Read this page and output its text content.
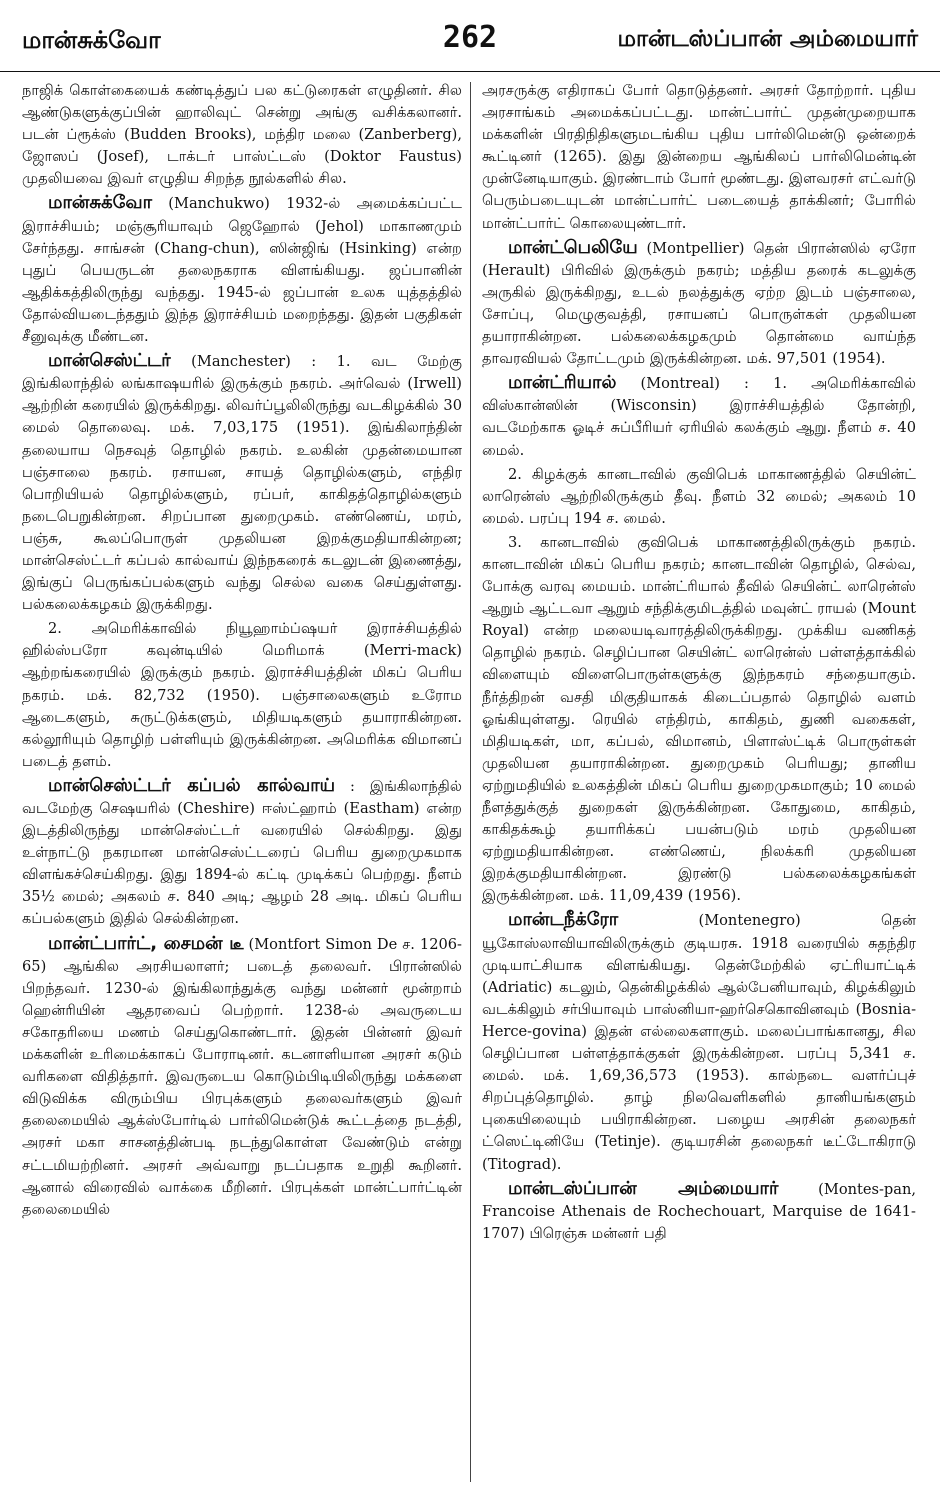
மான்சுக்வோ	262	மான்டஸ்ப்பான் அம்மையார்

நாஜிக் கொள்கையைக் கண்டித்துப் பல கட்டுரைகள் எழுதினர். சில ஆண்டுகளுக்குப்பின் ஹாலிவுட் சென்று அங்கு வசிக்கலானர். படன் ப்ரூக்ஸ் (Budden Brooks), மந்திர மலை (Zanberberg), ஜோஸப் (Josef), டாக்டர் பாஸ்ட்டஸ் (Doktor Faustus) முதலியவை இவர் எழுதிய சிறந்த நூல்களில் சில.

மான்சுக்வோ (Manchukwo) 1932-ல் அமைக்கப்பட்ட இராச்சியம்; மஞ்சூரியாவும் ஜெஹோல் (Jehol) மாகாணமும் சேர்ந்தது. சாங்சன் (Chang-chun), ஸின்ஜிங் (Hsinking) என்ற புதுப் பெயருடன் தலைநகராக விளங்கியது. ஜப்பானின் ஆதிக்கத்திலிருந்து வந்தது. 1945-ல் ஜப்பான் உலக யுத்தத்தில் தோல்வியடைந்ததும் இந்த இராச்சியம் மறைந்தது. இதன் பகுதிகள் சீனுவுக்கு மீண்டன.

மான்செஸ்ட்டர் (Manchester) : 1. வட மேற்கு இங்கிலாந்தில் லங்காஷயரில் இருக்கும் நகரம். அர்வெல் (Irwell) ஆற்றின் கரையில் இருக்கிறது. லிவர்ப்பூலிலிருந்து வடகிழக்கில் 30 மைல் தொலைவு. மக். 7,03,175 (1951). இங்கிலாந்தின் தலையாய நெசவுத் தொழில் நகரம். உலகின் முதன்மையான பஞ்சாலை நகரம். ரசாயன, சாயத் தொழில்களும், எந்திர பொறியியல் தொழில்களும், ரப்பர், காகிதத்தொழில்களும் நடைபெறுகின்றன. சிறப்பான துறைமுகம். எண்ணெய், மரம், பஞ்சு, கூலப்பொருள் முதலியன இறக்குமதியாகின்றன; மான்செஸ்ட்டர் கப்பல் கால்வாய் இந்நகரைக் கடலுடன் இணைத்து, இங்குப் பெருங்கப்பல்களும் வந்து செல்ல வகை செய்துள்ளது. பல்கலைக்கழகம் இருக்கிறது.

2. அமெரிக்காவில் நியூஹாம்ப்ஷயர் இராச்சியத்தில் ஹில்ஸ்பரோ கவுன்டியில் மெரிமாக் (Merri-mack) ஆற்றங்கரையில் இருக்கும் நகரம். இராச்சியத்தின் மிகப் பெரிய நகரம். மக். 82,732 (1950). பஞ்சாலைகளும் உரோம ஆடைகளும், சுருட்டுக்களும், மிதியடிகளும் தயாராகின்றன. கல்லூரியும் தொழிற் பள்ளியும் இருக்கின்றன. அமெரிக்க விமானப் படைத் தளம்.

மான்செஸ்ட்டர் கப்பல் கால்வாய் : இங்கிலாந்தில் வடமேற்கு செஷயரில் (Cheshire) ஈஸ்ட்ஹாம் (Eastham) என்ற இடத்திலிருந்து மான்செஸ்ட்டர் வரையில் செல்கிறது. இது உள்நாட்டு நகரமான மான்செஸ்ட்டரைப் பெரிய துறைமுகமாக விளங்கச்செய்கிறது. இது 1894-ல் கட்டி முடிக்கப் பெற்றது. நீளம் 35½ மைல்; அகலம் ச. 840 அடி; ஆழம் 28 அடி. மிகப் பெரிய கப்பல்களும் இதில் செல்கின்றன.

மான்ட்பார்ட், சைமன் டீ (Montfort Simon De ச. 1206-65) ஆங்கில அரசியலாளர்; படைத் தலைவர். பிரான்ஸில் பிறந்தவர். 1230-ல் இங்கிலாந்துக்கு வந்து மன்னர் மூன்றாம் ஹென்ரியின் ஆதரவைப் பெற்றார். 1238-ல் அவருடைய சகோதரியை மணம் செய்துகொண்டார். இதன் பின்னர் இவர் மக்களின் உரிமைக்காகப் போராடினர். கடனாளியான அரசர் கடும் வரிகளை விதித்தார். இவருடைய கொடும்பிடியிலிருந்து மக்களை விடுவிக்க விரும்பிய பிரபுக்களும் தலைவர்களும் இவர் தலைமையில் ஆக்ஸ்போர்டில் பார்லிமென்டுக் கூட்டத்தை நடத்தி, அரசர் மகா சாசனத்தின்படி நடந்துகொள்ள வேண்டும் என்று சட்டமியற்றினர். அரசர் அவ்வாறு நடப்பதாக உறுதி கூறினர். ஆனால் விரைவில் வாக்கை மீறினர். பிரபுக்கள் மான்ட்பார்ட்டின் தலைமையில்

அரசருக்கு எதிராகப் போர் தொடுத்தனர். அரசர் தோற்றார். புதிய அரசாங்கம் அமைக்கப்பட்டது. மான்ட்பார்ட் முதன்முறையாக மக்களின் பிரதிநிதிகளுமடங்கிய புதிய பார்லிமென்டு ஒன்றைக் கூட்டினர் (1265). இது இன்றைய ஆங்கிலப் பார்லிமென்டின் முன்னேடியாகும். இரண்டாம் போர் மூண்டது. இளவரசர் எட்வர்டு பெரும்படையுடன் மான்ட்பார்ட் படையைத் தாக்கினர்; போரில் மான்ட்பார்ட் கொலையுண்டார்.

மான்ட்பெலியே (Montpellier) தென் பிரான்ஸில் ஏரோ (Herault) பிரிவில் இருக்கும் நகரம்; மத்திய தரைக் கடலுக்கு அருகில் இருக்கிறது, உடல் நலத்துக்கு ஏற்ற இடம் பஞ்சாலை, சோப்பு, மெழுகுவத்தி, ரசாயனப் பொருள்கள் முதலியன தயாராகின்றன. பல்கலைக்கழகமும் தொன்மை வாய்ந்த தாவரவியல் தோட்டமும் இருக்கின்றன. மக். 97,501 (1954).

மான்ட்ரியால் (Montreal) : 1. அமெரிக்காவில் விஸ்கான்ஸின் (Wisconsin) இராச்சியத்தில் தோன்றி, வடமேற்காக ஓடிச் சுப்பீரியர் ஏரியில் கலக்கும் ஆறு. நீளம் ச. 40 மைல்.

2. கிழக்குக் கானடாவில் குவிபெக் மாகாணத்தில் செயின்ட் லாரென்ஸ் ஆற்றிலிருக்கும் தீவு. நீளம் 32 மைல்; அகலம் 10 மைல். பரப்பு 194 ச. மைல்.

3. கானடாவில் குவிபெக் மாகாணத்திலிருக்கும் நகரம். கானடாவின் மிகப் பெரிய நகரம்; கானடாவின் தொழில், செல்வ, போக்கு வரவு மையம். மான்ட்ரியால் தீவில் செயின்ட் லாரென்ஸ் ஆறும் ஆட்டவா ஆறும் சந்திக்குமிடத்தில் மவுன்ட் ராயல் (Mount Royal) என்ற மலையடிவாரத்திலிருக்கிறது. முக்கிய வணிகத் தொழில் நகரம். செழிப்பான செயின்ட் லாரென்ஸ் பள்ளத்தாக்கில் விளையும் விளைபொருள்களுக்கு இந்நகரம் சந்தையாகும். நீர்த்திறன் வசதி மிகுதியாகக் கிடைப்பதால் தொழில் வளம் ஓங்கியுள்ளது. ரெயில் எந்திரம், காகிதம், துணி வகைகள், மிதியடிகள், மா, கப்பல், விமானம், பிளாஸ்ட்டிக் பொருள்கள் முதலியன தயாராகின்றன. துறைமுகம் பெரியது; தானிய ஏற்றுமதியில் உலகத்தின் மிகப் பெரிய துறைமுகமாகும்; 10 மைல் நீளத்துக்குத் துறைகள் இருக்கின்றன. கோதுமை, காகிதம், காகிதக்கூழ் தயாரிக்கப் பயன்படும் மரம் முதலியன ஏற்றுமதியாகின்றன. எண்ணெய், நிலக்கரி முதலியன இறக்குமதியாகின்றன. இரண்டு பல்கலைக்கழகங்கள் இருக்கின்றன. மக். 11,09,439 (1956).

மான்டநீக்ரோ (Montenegro) தென் யூகோஸ்லாவியாவிலிருக்கும் குடியரசு. 1918 வரையில் சுதந்திர முடியாட்சியாக விளங்கியது. தென்மேற்கில் ஏட்ரியாட்டிக் (Adriatic) கடலும், தென்கிழக்கில் ஆல்பேனியாவும், கிழக்கிலும் வடக்கிலும் சர்பியாவும் பாஸ்னியா-ஹர்செகொவினவும் (Bosnia-Herce-govina) இதன் எல்லைகளாகும். மலைப்பாங்கானது, சில செழிப்பான பள்ளத்தாக்குகள் இருக்கின்றன. பரப்பு 5,341 ச. மைல். மக். 1,69,36,573 (1953). கால்நடை வளர்ப்புச் சிறப்புத்தொழில். தாழ் நிலவெளிகளில் தானியங்களும் புகையிலையும் பயிராகின்றன. பழைய அரசின் தலைநகர் ட்ஸெட்டினியே (Tetinje). குடியரசின் தலைநகர் டீட்டோகிராடு (Titograd).

மான்டஸ்ப்பான் அம்மையார் (Montes-pan, Francoise Athenais de Rochechouart, Marquise de 1641-1707) பிரெஞ்சு மன்னர் பதி
